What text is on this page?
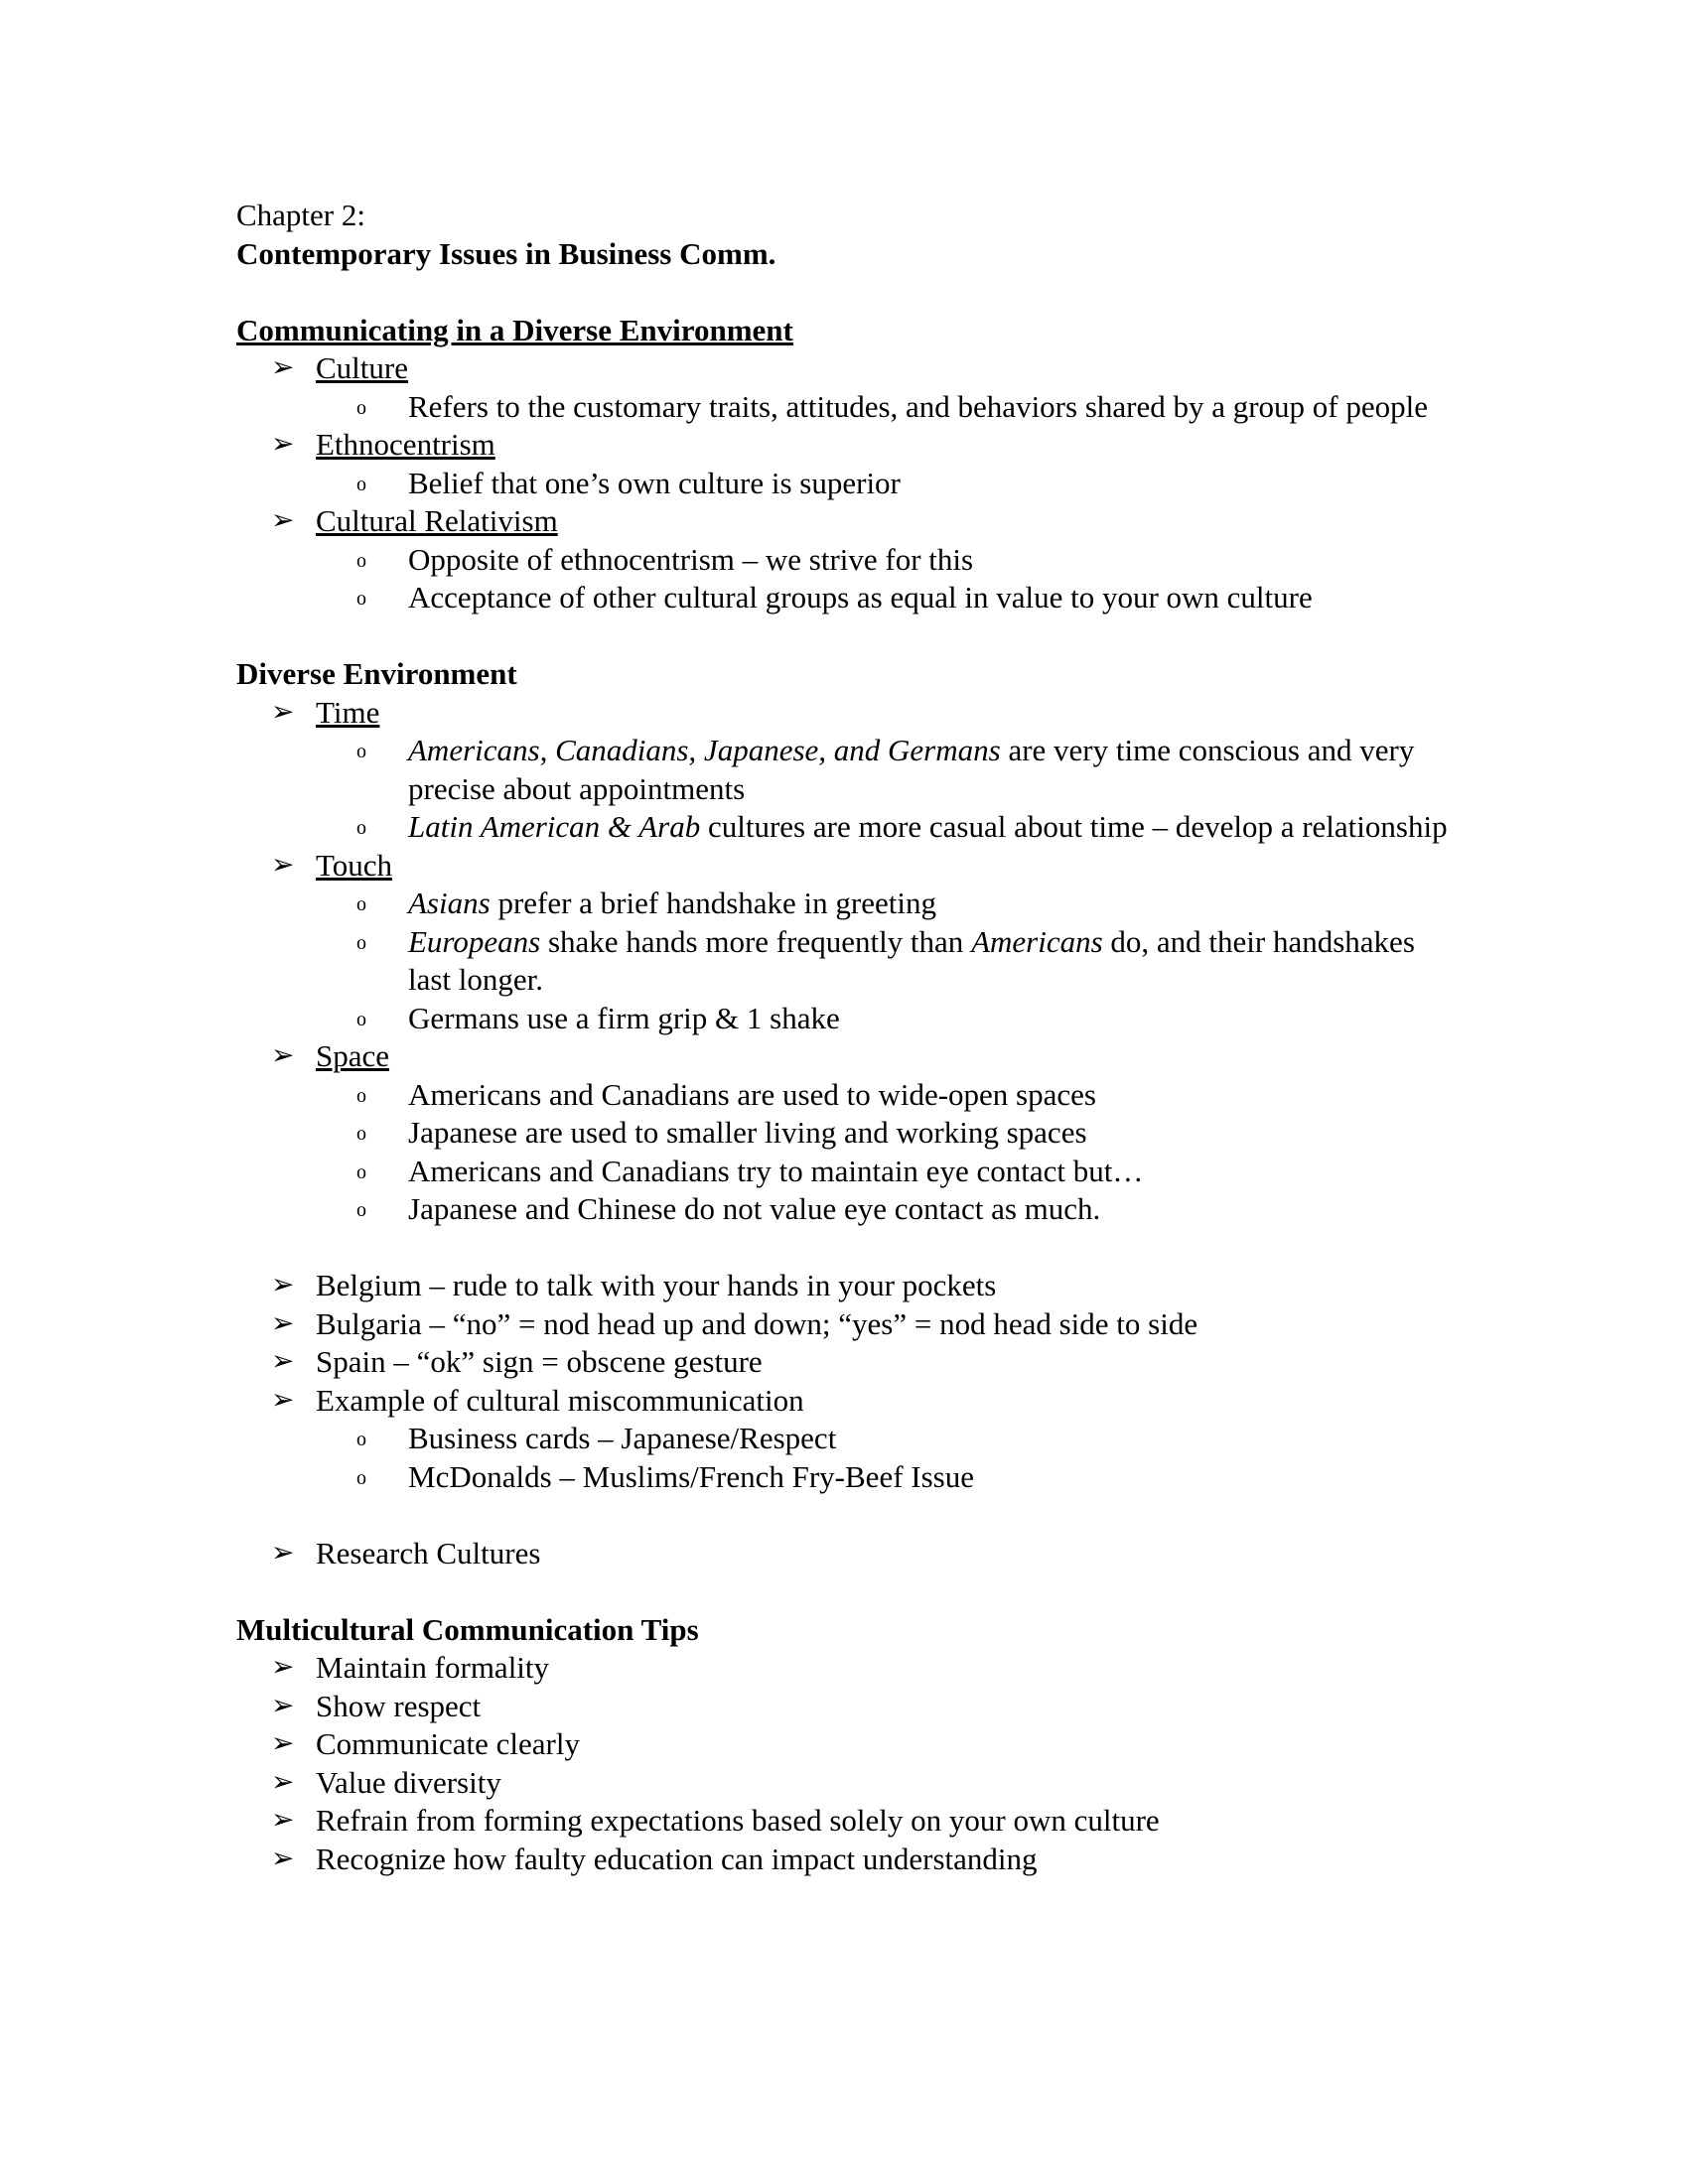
Chapter 2:
Contemporary Issues in Business Comm.
Communicating in a Diverse Environment
➢ Culture
o Refers to the customary traits, attitudes, and behaviors shared by a group of people
➢ Ethnocentrism
o Belief that one’s own culture is superior
➢ Cultural Relativism
o Opposite of ethnocentrism – we strive for this
o Acceptance of other cultural groups as equal in value to your own culture
Diverse Environment
➢ Time
o Americans, Canadians, Japanese, and Germans are very time conscious and very precise about appointments
o Latin American & Arab cultures are more casual about time – develop a relationship
➢ Touch
o Asians prefer a brief handshake in greeting
o Europeans shake hands more frequently than Americans do, and their handshakes last longer.
o Germans use a firm grip & 1 shake
➢ Space
o Americans and Canadians are used to wide-open spaces
o Japanese are used to smaller living and working spaces
o Americans and Canadians try to maintain eye contact but…
o Japanese and Chinese do not value eye contact as much.
➢ Belgium – rude to talk with your hands in your pockets
➢ Bulgaria – “no” = nod head up and down; “yes” = nod head side to side
➢ Spain – “ok” sign = obscene gesture
➢ Example of cultural miscommunication
o Business cards – Japanese/Respect
o McDonalds – Muslims/French Fry-Beef Issue
➢ Research Cultures
Multicultural Communication Tips
➢ Maintain formality
➢ Show respect
➢ Communicate clearly
➢ Value diversity
➢ Refrain from forming expectations based solely on your own culture
➢ Recognize how faulty education can impact understanding
